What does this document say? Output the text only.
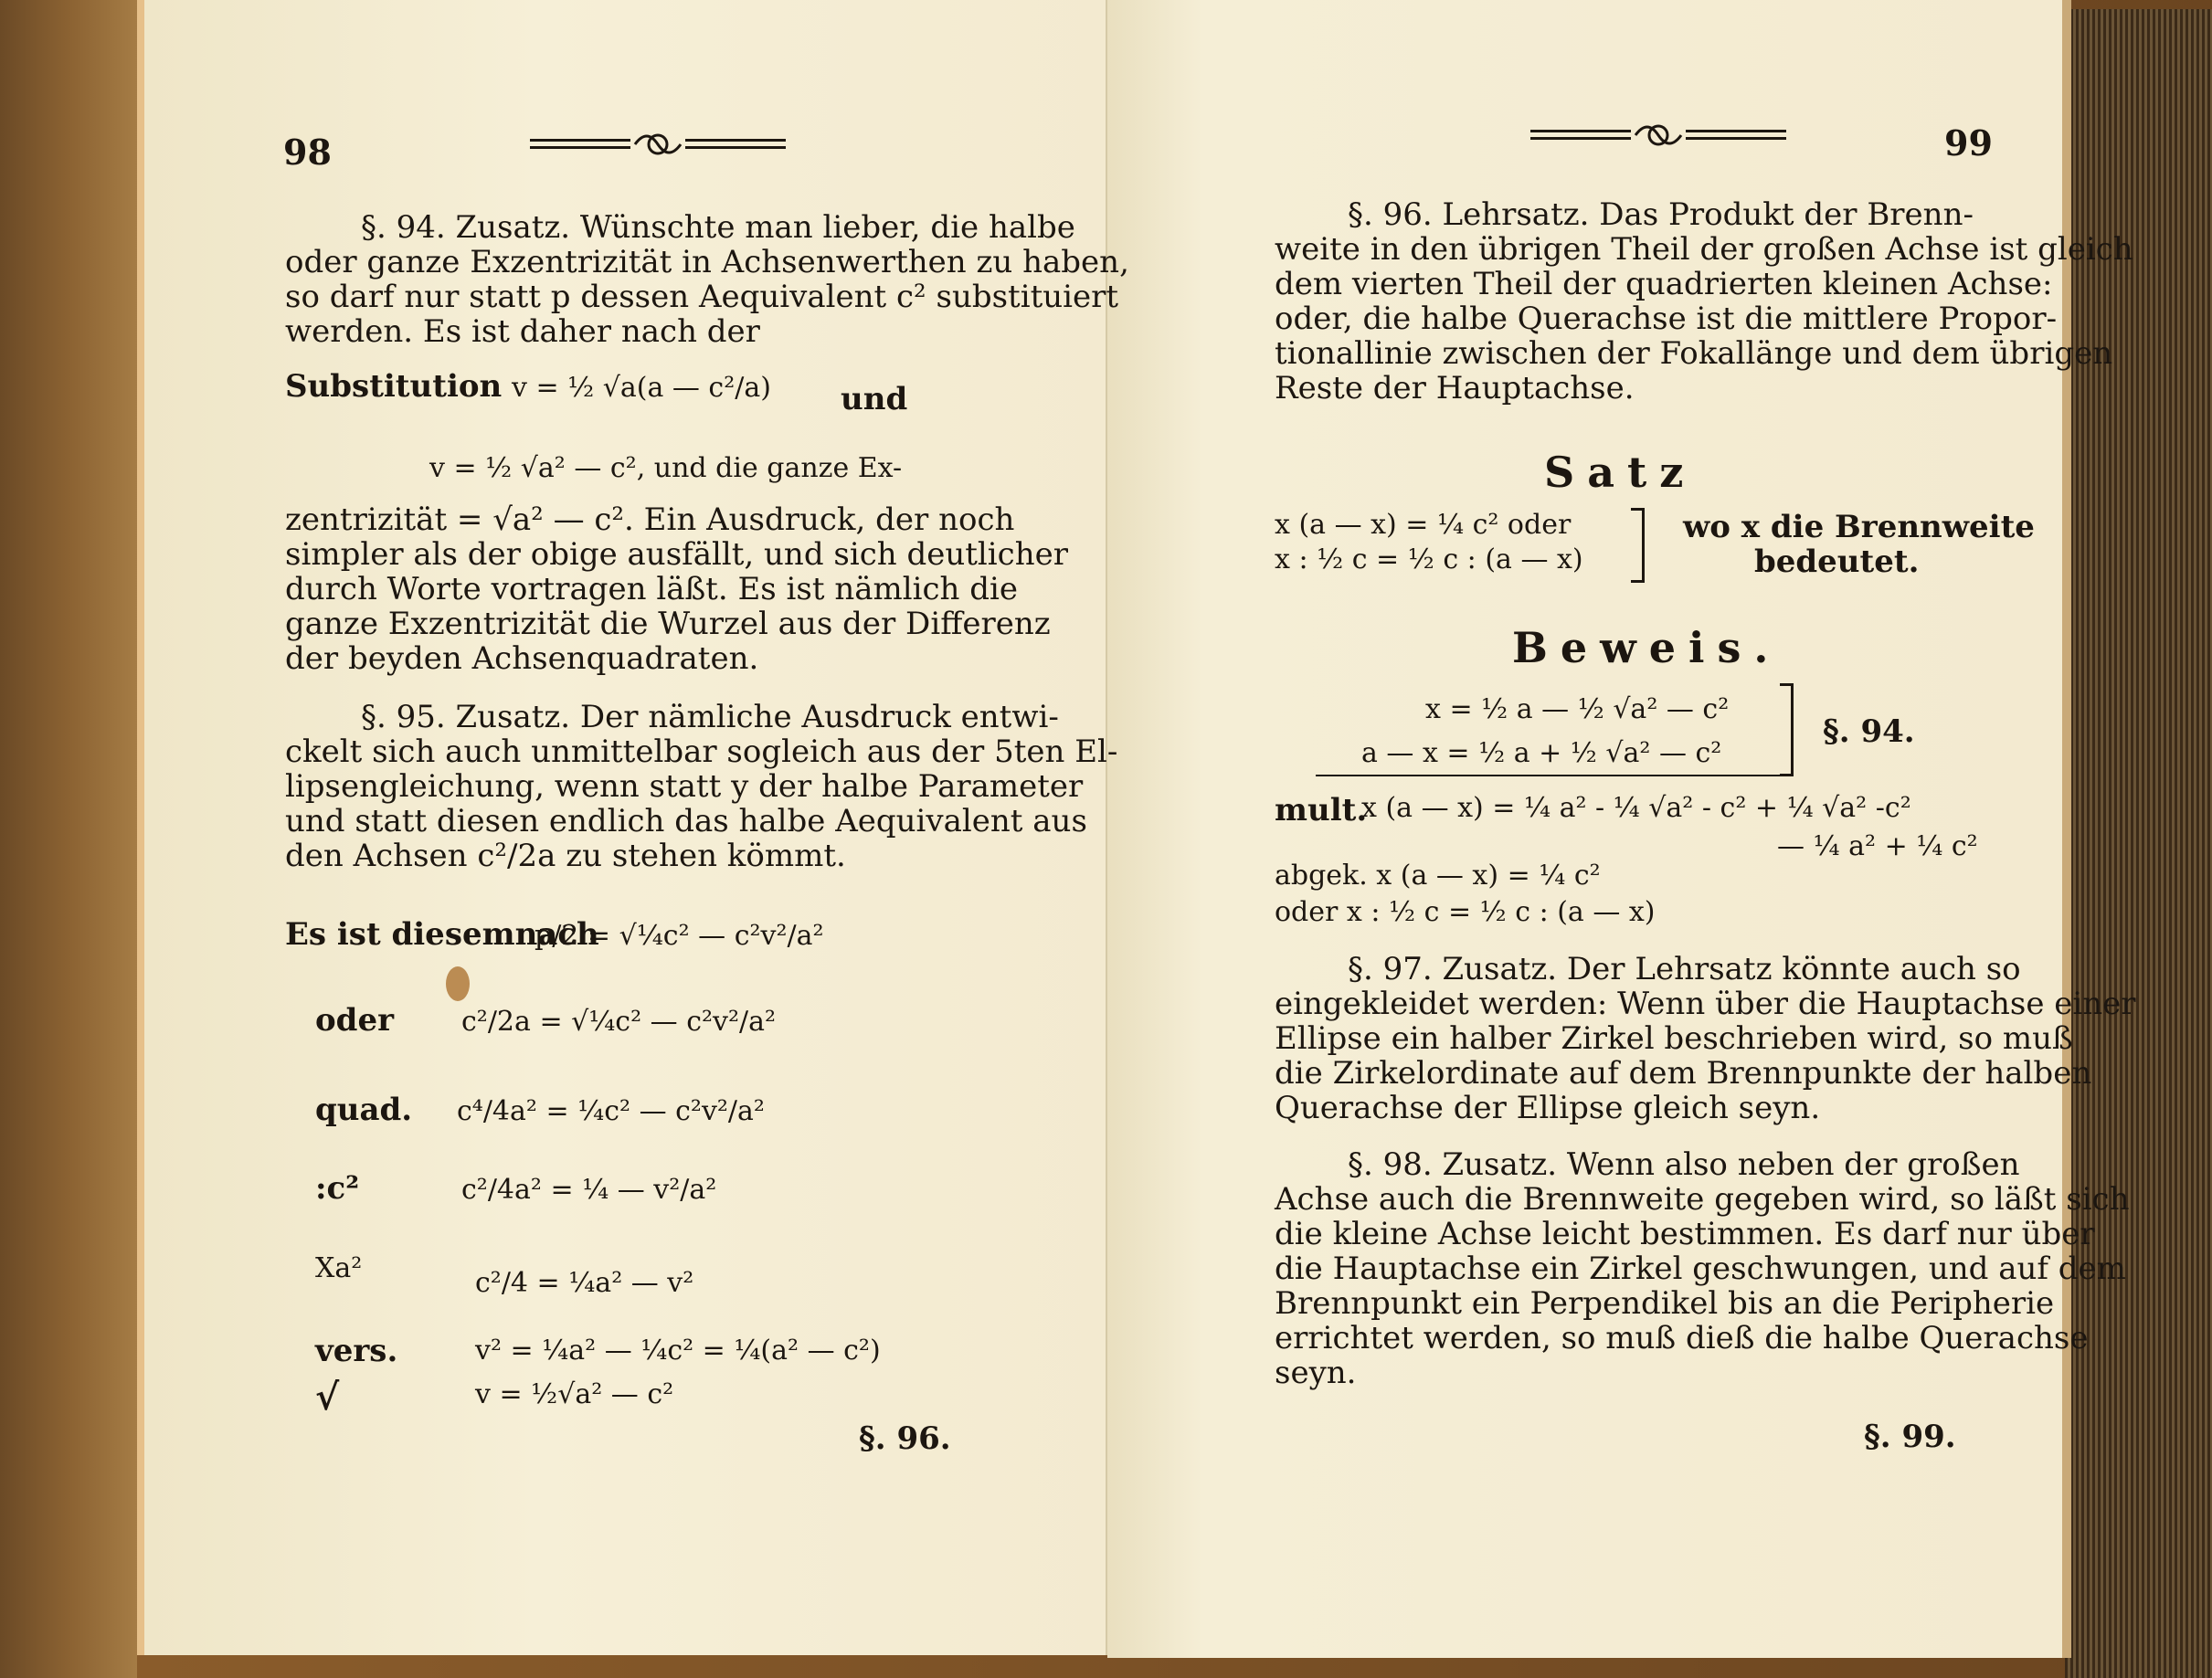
98
§. 94. Zusatz. Wünschte man lieber, die halbe
oder ganze Exzentrizität in Achsenwerthen zu haben,
so darf nur statt p dessen Aequivalent c² substituiert
werden. Es ist daher nach der
Substitution v = ½ √a(a — c²/a) und
v = ½ √a² — c², und die ganze Ex-
zentrizität = √a² — c². Ein Ausdruck, der noch
simpler als der obige ausfällt, und sich deutlicher
durch Worte vortragen läßt. Es ist nämlich die
ganze Exzentrizität die Wurzel aus der Differenz
der beyden Achsenquadraten.
§. 95. Zusatz. Der nämliche Ausdruck entwi-
ckelt sich auch unmittelbar sogleich aus der 5ten El-
lipsengleichung, wenn statt y der halbe Parameter
und statt diesen endlich das halbe Aequivalent aus
den Achsen c²/2a zu stehen kömmt.
Es ist diesemnach
p/2 = √¼c² — c²v²/a²
oder c²/2a = √¼c² — c²v²/a²
quad. c⁴/4a² = ¼c² — c²v²/a²
:c²	c²/4a² = ¼ — v²/a²
Xa²	c²/4 = ¼a² — v²
vers.	v² = ¼a² — ¼c² = ¼(a² — c²)
√	v = ½√a² — c²
§. 96.
99
§. 96. Lehrsatz. Das Produkt der Brenn-
weite in den übrigen Theil der großen Achse ist gleich
dem vierten Theil der quadrierten kleinen Achse:
oder, die halbe Querachse ist die mittlere Propor-
tionallinie zwischen der Fokallänge und dem übrigen
Reste der Hauptachse.
Satz
x (a — x) = ¼ c² oder
x : ½ c = ½ c : (a — x)
wo x die Brennweite
bedeutet.
Beweis.
x = ½ a — ½ √a² — c²
a — x = ½ a + ½ √a² — c²
§. 94.
mult.
x (a — x) = ¼ a² - ¼ √a² - c² + ¼ √a² -c²
— ¼ a² + ¼ c²
abgek. x (a — x) = ¼ c²
oder x : ½ c = ½ c : (a — x)
§. 97. Zusatz. Der Lehrsatz könnte auch so
eingekleidet werden: Wenn über die Hauptachse einer
Ellipse ein halber Zirkel beschrieben wird, so muß
die Zirkelordinate auf dem Brennpunkte der halben
Querachse der Ellipse gleich seyn.
§. 98. Zusatz. Wenn also neben der großen
Achse auch die Brennweite gegeben wird, so läßt sich
die kleine Achse leicht bestimmen. Es darf nur über
die Hauptachse ein Zirkel geschwungen, und auf dem
Brennpunkt ein Perpendikel bis an die Peripherie
errichtet werden, so muß dieß die halbe Querachse
seyn.
§. 99.
